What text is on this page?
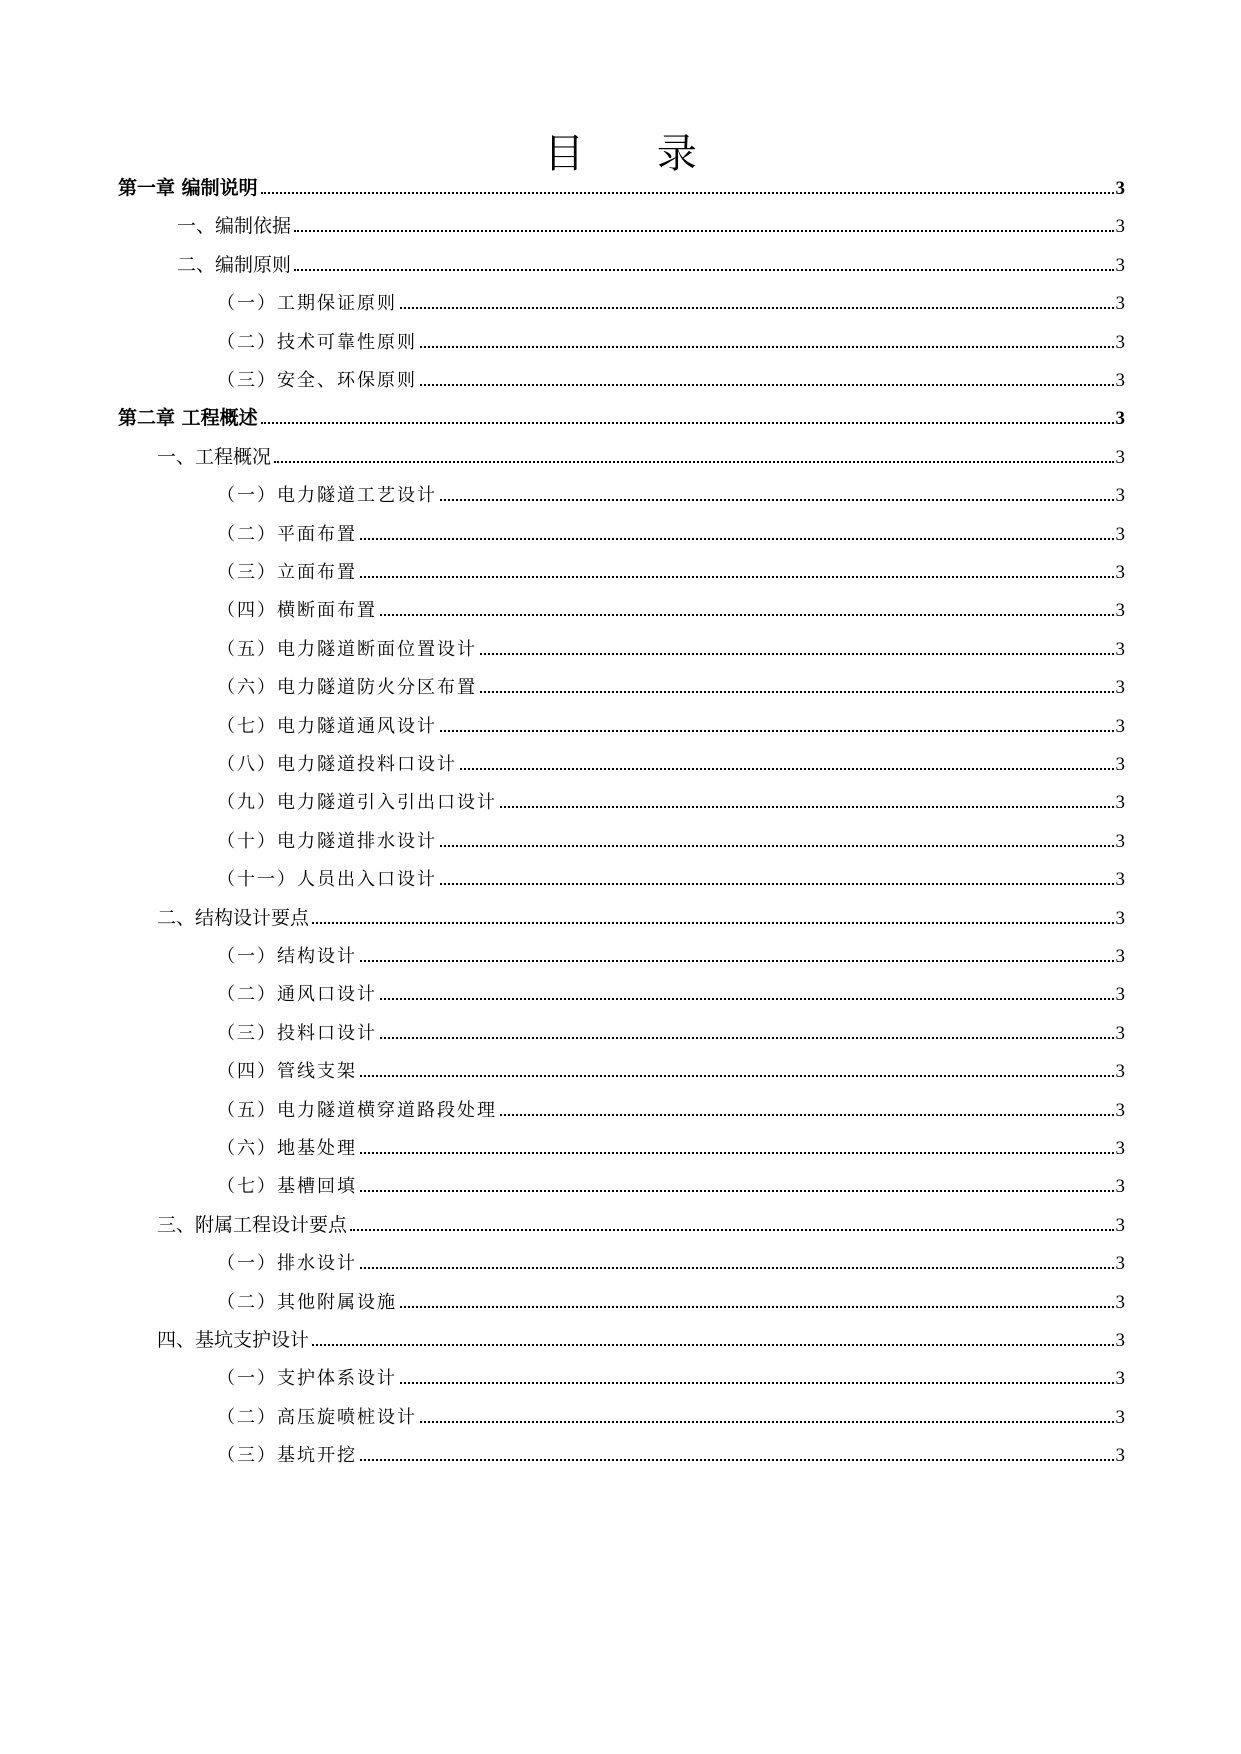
目 录
第一章 编制说明	3
一、编制依据	3
二、编制原则	3
（一）工期保证原则	3
（二）技术可靠性原则	3
（三）安全、环保原则	3
第二章 工程概述	3
一、工程概况	3
（一）电力隧道工艺设计	3
（二）平面布置	3
（三）立面布置	3
（四）横断面布置	3
（五）电力隧道断面位置设计	3
（六）电力隧道防火分区布置	3
（七）电力隧道通风设计	3
（八）电力隧道投料口设计	3
（九）电力隧道引入引出口设计	3
（十）电力隧道排水设计	3
（十一）人员出入口设计	3
二、结构设计要点	3
（一）结构设计	3
（二）通风口设计	3
（三）投料口设计	3
（四）管线支架	3
（五）电力隧道横穿道路段处理	3
（六）地基处理	3
（七）基槽回填	3
三、附属工程设计要点	3
（一）排水设计	3
（二）其他附属设施	3
四、基坑支护设计	3
（一）支护体系设计	3
（二）高压旋喷桩设计	3
（三）基坑开挖	3
